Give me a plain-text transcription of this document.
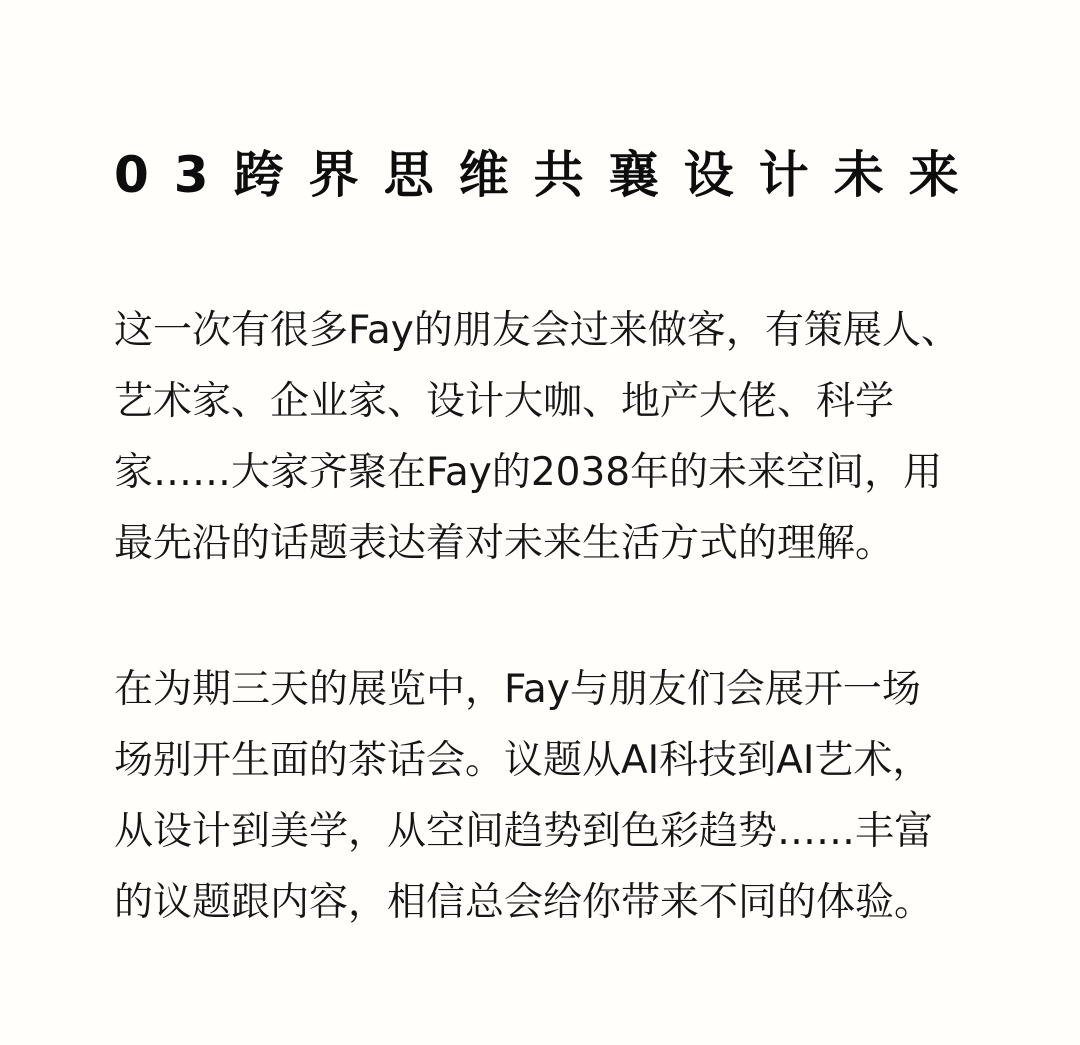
03跨界思维共襄设计未来

这一次有很多Fay的朋友会过来做客，有策展人、
艺术家、企业家、设计大咖、地产大佬、科学
家……大家齐聚在Fay的2038年的未来空间，用
最先沿的话题表达着对未来生活方式的理解。

在为期三天的展览中，Fay与朋友们会展开一场
场别开生面的茶话会。议题从AI科技到AI艺术，
从设计到美学，从空间趋势到色彩趋势……丰富
的议题跟内容，相信总会给你带来不同的体验。
